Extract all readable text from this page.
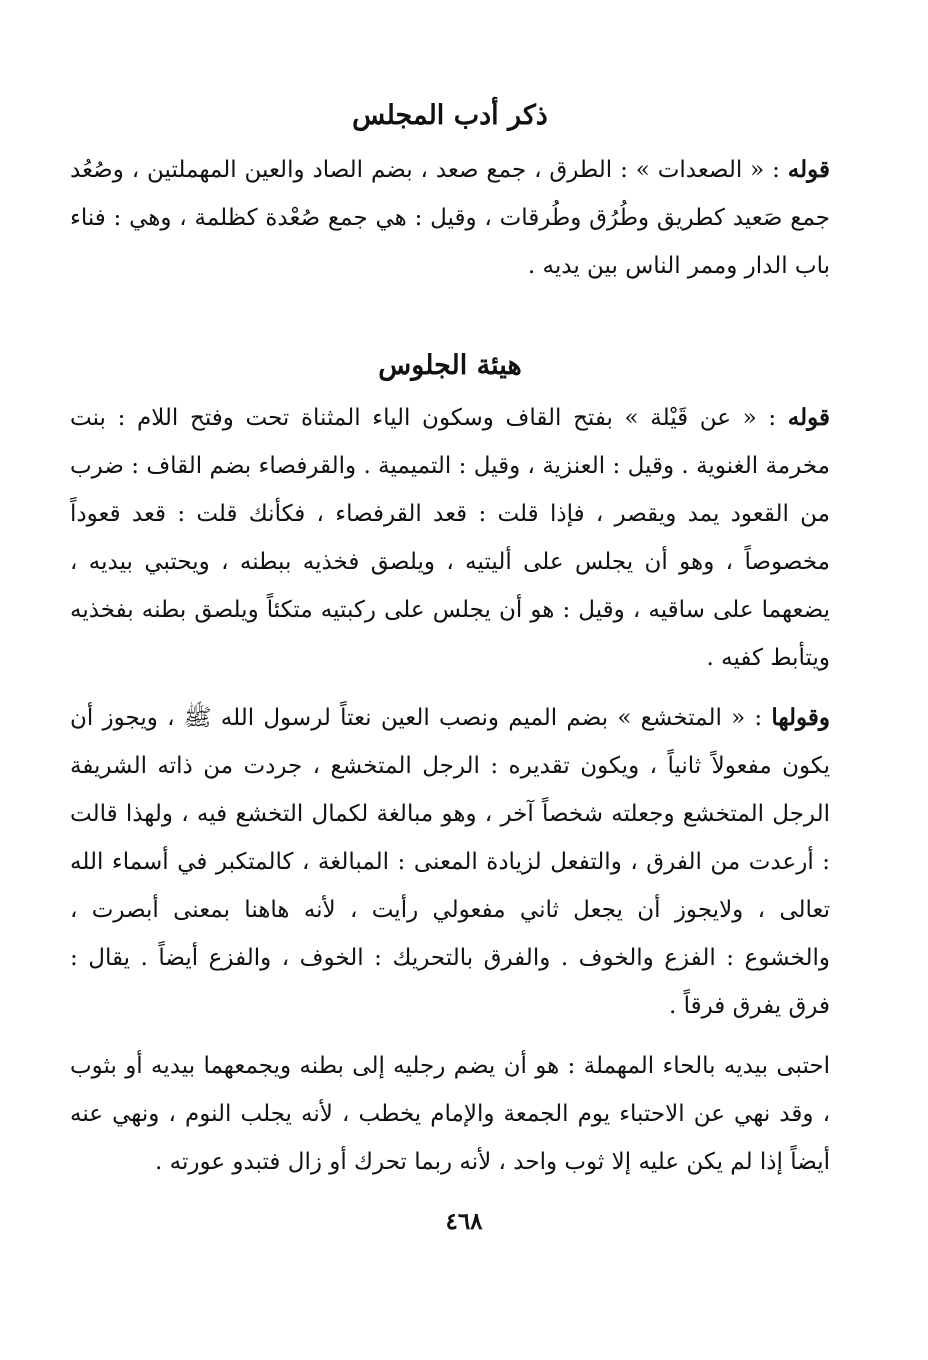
ذكر أدب المجلس

قوله : « الصعدات » : الطرق ، جمع صعد ، بضم الصاد والعين المهملتين ، وصُعُد جمع صَعيد كطريق وطُرُق وطُرقات ، وقيل : هي جمع صُعْدة كظلمة ، وهي : فناء باب الدار وممر الناس بين يديه .

هيئة الجلوس

قوله : « عن قَيْلة » بفتح القاف وسكون الياء المثناة تحت وفتح اللام : بنت مخرمة الغنوية . وقيل : العنزية ، وقيل : التميمية . والقرفصاء بضم القاف : ضرب من القعود يمد ويقصر ، فإذا قلت : قعد القرفصاء ، فكأنك قلت : قعد قعوداً مخصوصاً ، وهو أن يجلس على أليتيه ، ويلصق فخذيه ببطنه ، ويحتبي بيديه ، يضعهما على ساقيه ، وقيل : هو أن يجلس على ركبتيه متكئاً ويلصق بطنه بفخذيه ويتأبط كفيه .

وقولها : « المتخشع » بضم الميم ونصب العين نعتاً لرسول الله ﷺ ، ويجوز أن يكون مفعولاً ثانياً ، ويكون تقديره : الرجل المتخشع ، جردت من ذاته الشريفة الرجل المتخشع وجعلته شخصاً آخر ، وهو مبالغة لكمال التخشع فيه ، ولهذا قالت : أرعدت من الفرق ، والتفعل لزيادة المعنى : المبالغة ، كالمتكبر في أسماء الله تعالى ، ولايجوز أن يجعل ثاني مفعولي رأيت ، لأنه هاهنا بمعنى أبصرت ، والخشوع : الفزع والخوف . والفرق بالتحريك : الخوف ، والفزع أيضاً . يقال : فرق يفرق فرقاً .

احتبى بيديه بالحاء المهملة : هو أن يضم رجليه إلى بطنه ويجمعهما بيديه أو بثوب ، وقد نهي عن الاحتباء يوم الجمعة والإمام يخطب ، لأنه يجلب النوم ، ونهي عنه أيضاً إذا لم يكن عليه إلا ثوب واحد ، لأنه ربما تحرك أو زال فتبدو عورته .

٤٦٨
